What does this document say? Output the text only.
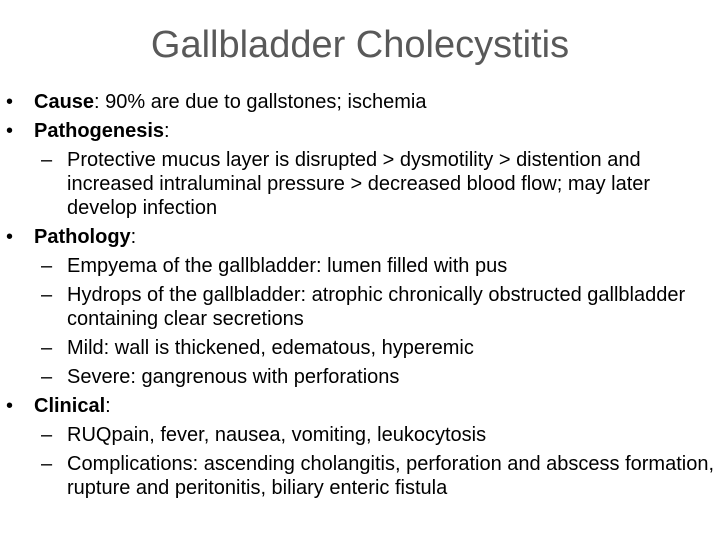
Gallbladder Cholecystitis
• Cause: 90% are due to gallstones; ischemia
• Pathogenesis:
– Protective mucus layer is disrupted > dysmotility > distention and increased intraluminal pressure > decreased blood flow; may later develop infection
• Pathology:
– Empyema of the gallbladder: lumen filled with pus
– Hydrops of the gallbladder: atrophic chronically obstructed gallbladder containing clear secretions
– Mild: wall is thickened, edematous, hyperemic
– Severe: gangrenous with perforations
• Clinical:
– RUQpain, fever, nausea, vomiting, leukocytosis
– Complications: ascending cholangitis, perforation and abscess formation, rupture and peritonitis, biliary enteric fistula
